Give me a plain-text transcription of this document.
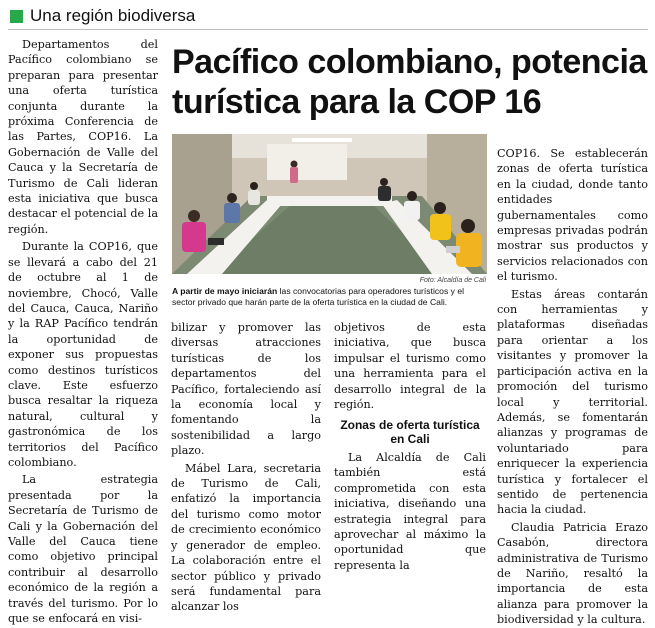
Una región biodiversa
Pacífico colombiano, potencia turística para la COP 16

Departamentos del Pacífico colombiano se preparan para presentar una oferta turística conjunta durante la próxima Conferencia de las Partes, COP16. La Gobernación de Valle del Cauca y la Secretaría de Turismo de Cali lideran esta iniciativa que busca destacar el potencial de la región.

Durante la COP16, que se llevará a cabo del 21 de octubre al 1 de noviembre, Chocó, Valle del Cauca, Cauca, Nariño y la RAP Pacífico tendrán la oportunidad de exponer sus propuestas como destinos turísticos clave. Este esfuerzo busca resaltar la riqueza natural, cultural y gastronómica de los territorios del Pacífico colombiano.

La estrategia presentada por la Secretaría de Turismo de Cali y la Gobernación del Valle del Cauca tiene como objetivo principal contribuir al desarrollo económico de la región a través del turismo. Por lo que se enfocará en visi-

Foto: Alcaldía de Cali
A partir de mayo iniciarán las convocatorias para operadores turísticos y el sector privado que harán parte de la oferta turística en la ciudad de Cali.

bilizar y promover las diversas atracciones turísticas de los departamentos del Pacífico, fortaleciendo así la economía local y fomentando la sostenibilidad a largo plazo.

Mábel Lara, secretaria de Turismo de Cali, enfatizó la importancia del turismo como motor de crecimiento económico y generador de empleo. La colaboración entre el sector público y privado será fundamental para alcanzar los

objetivos de esta iniciativa, que busca impulsar el turismo como una herramienta para el desarrollo integral de la región.

Zonas de oferta turística en Cali

La Alcaldía de Cali también está comprometida con esta iniciativa, diseñando una estrategia integral para aprovechar al máximo la oportunidad que representa la

COP16. Se establecerán zonas de oferta turística en la ciudad, donde tanto entidades gubernamentales como empresas privadas podrán mostrar sus productos y servicios relacionados con el turismo.

Estas áreas contarán con herramientas y plataformas diseñadas para orientar a los visitantes y promover la participación activa en la promoción del turismo local y territorial. Además, se fomentarán alianzas y programas de voluntariado para enriquecer la experiencia turística y fortalecer el sentido de pertenencia hacia la ciudad.

Claudia Patricia Erazo Casabón, directora administrativa de Turismo de Nariño, resaltó la importancia de esta alianza para promover la biodiversidad y la cultura.
